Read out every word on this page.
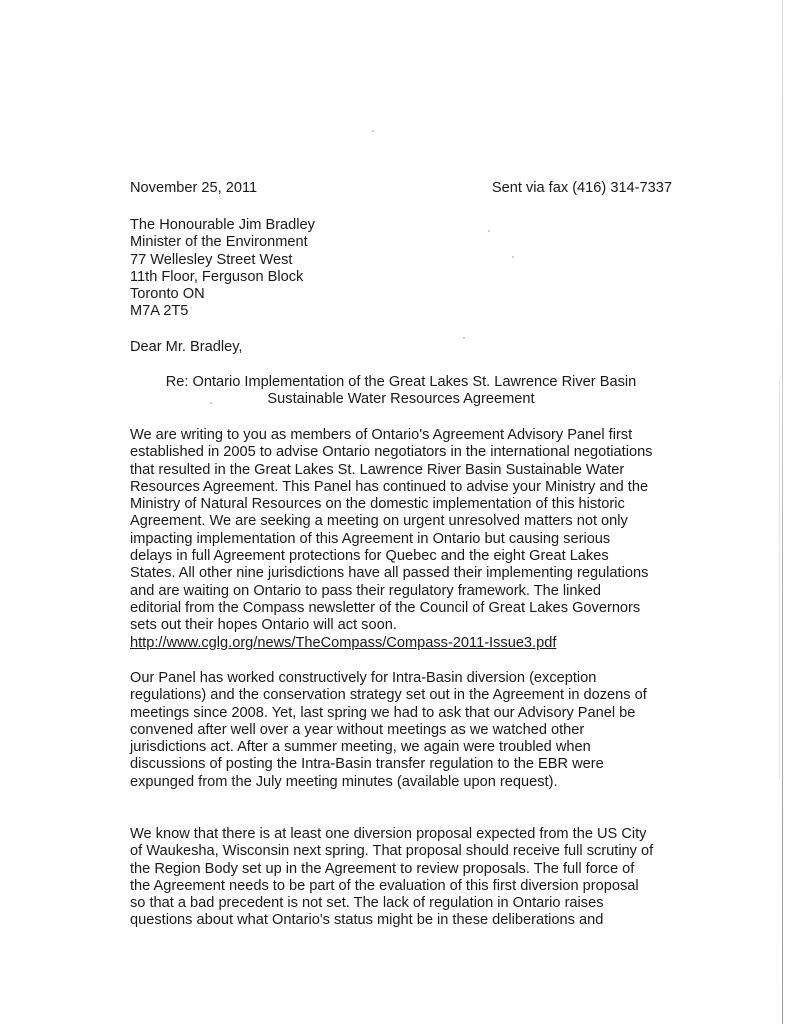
November 25, 2011	Sent via fax (416) 314-7337
The Honourable Jim Bradley
Minister of the Environment
77 Wellesley Street West
11th Floor, Ferguson Block
Toronto ON
M7A 2T5
Dear Mr. Bradley,
Re: Ontario Implementation of the Great Lakes St. Lawrence River Basin
Sustainable Water Resources Agreement
We are writing to you as members of Ontario's Agreement Advisory Panel first
established in 2005 to advise Ontario negotiators in the international negotiations
that resulted in the Great Lakes St. Lawrence River Basin Sustainable Water
Resources Agreement. This Panel has continued to advise your Ministry and the
Ministry of Natural Resources on the domestic implementation of this historic
Agreement. We are seeking a meeting on urgent unresolved matters not only
impacting implementation of this Agreement in Ontario but causing serious
delays in full Agreement protections for Quebec and the eight Great Lakes
States. All other nine jurisdictions have all passed their implementing regulations
and are waiting on Ontario to pass their regulatory framework. The linked
editorial from the Compass newsletter of the Council of Great Lakes Governors
sets out their hopes Ontario will act soon.
http://www.cglg.org/news/TheCompass/Compass-2011-Issue3.pdf
Our Panel has worked constructively for Intra-Basin diversion (exception
regulations) and the conservation strategy set out in the Agreement in dozens of
meetings since 2008. Yet, last spring we had to ask that our Advisory Panel be
convened after well over a year without meetings as we watched other
jurisdictions act. After a summer meeting, we again were troubled when
discussions of posting the Intra-Basin transfer regulation to the EBR were
expunged from the July meeting minutes (available upon request).
We know that there is at least one diversion proposal expected from the US City
of Waukesha, Wisconsin next spring. That proposal should receive full scrutiny of
the Region Body set up in the Agreement to review proposals. The full force of
the Agreement needs to be part of the evaluation of this first diversion proposal
so that a bad precedent is not set. The lack of regulation in Ontario raises
questions about what Ontario's status might be in these deliberations and
